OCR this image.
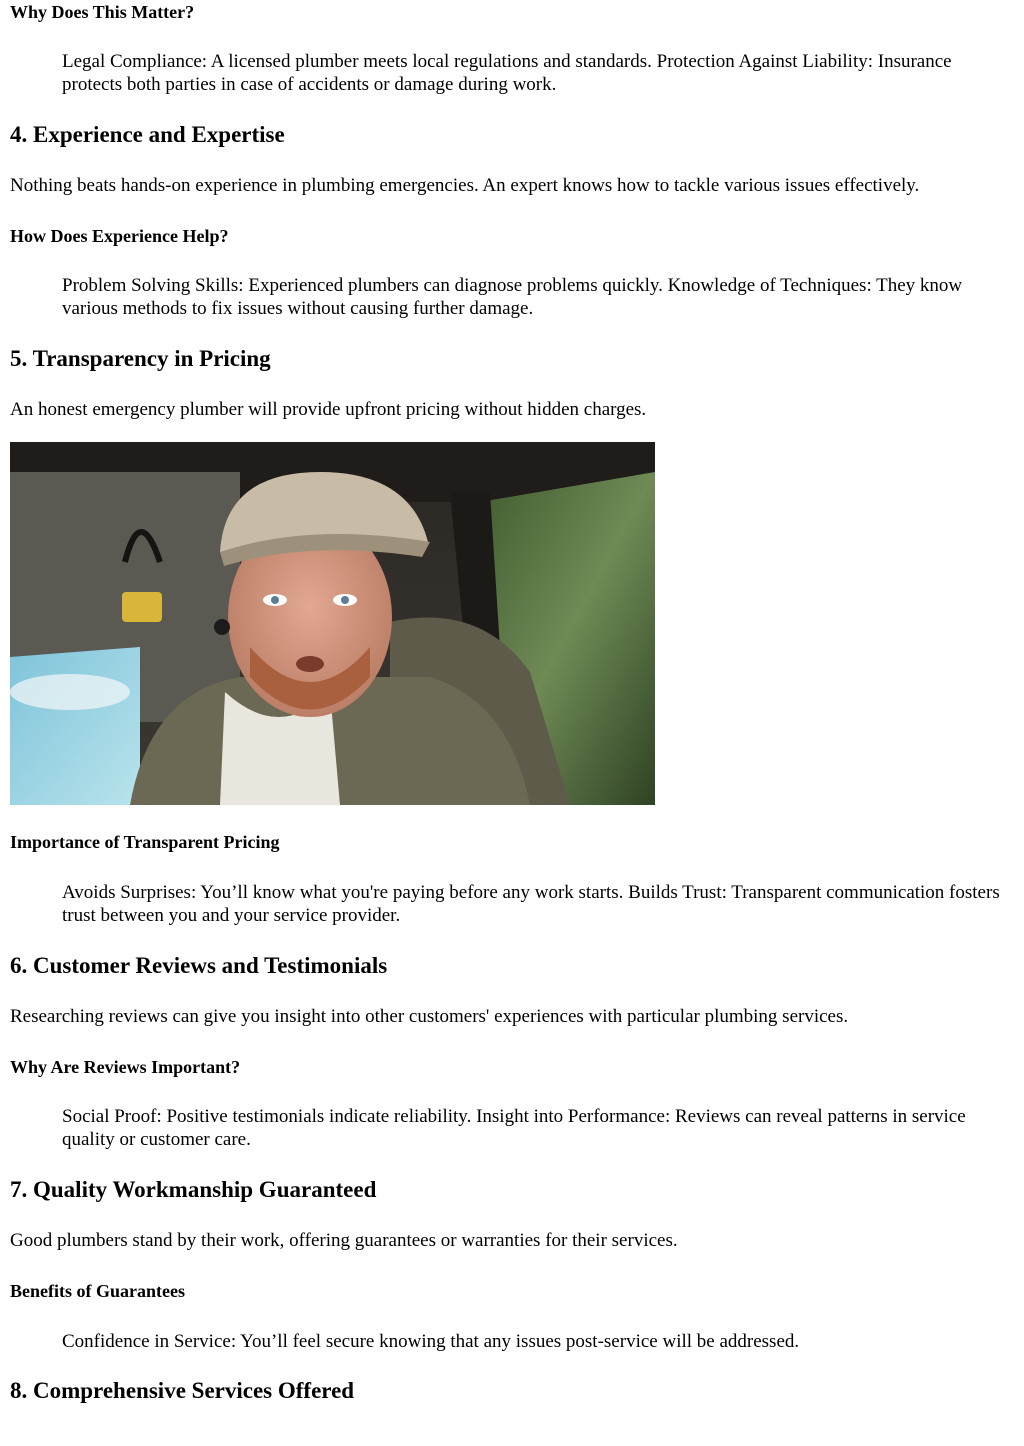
Why Does This Matter?

Legal Compliance: A licensed plumber meets local regulations and standards. Protection Against Liability: Insurance protects both parties in case of accidents or damage during work.

4. Experience and Expertise

Nothing beats hands-on experience in plumbing emergencies. An expert knows how to tackle various issues effectively.

How Does Experience Help?

Problem Solving Skills: Experienced plumbers can diagnose problems quickly. Knowledge of Techniques: They know various methods to fix issues without causing further damage.

5. Transparency in Pricing

An honest emergency plumber will provide upfront pricing without hidden charges.

Importance of Transparent Pricing

Avoids Surprises: You’ll know what you're paying before any work starts. Builds Trust: Transparent communication fosters trust between you and your service provider.

6. Customer Reviews and Testimonials

Researching reviews can give you insight into other customers' experiences with particular plumbing services.

Why Are Reviews Important?

Social Proof: Positive testimonials indicate reliability. Insight into Performance: Reviews can reveal patterns in service quality or customer care.

7. Quality Workmanship Guaranteed

Good plumbers stand by their work, offering guarantees or warranties for their services.

Benefits of Guarantees

Confidence in Service: You’ll feel secure knowing that any issues post-service will be addressed.

8. Comprehensive Services Offered
